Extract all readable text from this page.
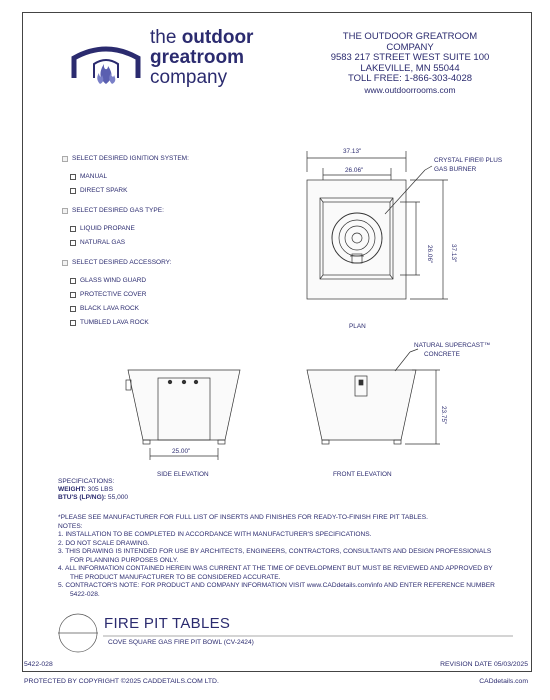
the outdoor
greatroom
company
THE OUTDOOR GREATROOM COMPANY
9583 217 STREET WEST SUITE 100
LAKEVILLE, MN 55044
TOLL FREE: 1-866-303-4028
www.outdoorrooms.com
SELECT DESIRED IGNITION SYSTEM:
MANUAL
DIRECT SPARK
SELECT DESIRED GAS TYPE:
LIQUID PROPANE
NATURAL GAS
SELECT DESIRED ACCESSORY:
GLASS WIND GUARD
PROTECTIVE COVER
BLACK LAVA ROCK
TUMBLED LAVA ROCK
37.13"
26.06"
26.06"	37.13"
CRYSTAL FIRE® PLUS
GAS BURNER
PLAN
25.00"
SIDE ELEVATION
NATURAL SUPERCAST™
CONCRETE
23.75"
FRONT ELEVATION
SPECIFICATIONS:
WEIGHT: 305 LBS
BTU'S (LP/NG): 55,000
*PLEASE SEE MANUFACTURER FOR FULL LIST OF INSERTS AND FINISHES FOR READY-TO-FINISH FIRE PIT TABLES.
NOTES:
1. INSTALLATION TO BE COMPLETED IN ACCORDANCE WITH MANUFACTURER'S SPECIFICATIONS.
2. DO NOT SCALE DRAWING.
3. THIS DRAWING IS INTENDED FOR USE BY ARCHITECTS, ENGINEERS, CONTRACTORS, CONSULTANTS AND DESIGN PROFESSIONALS FOR PLANNING PURPOSES ONLY.
4. ALL INFORMATION CONTAINED HEREIN WAS CURRENT AT THE TIME OF DEVELOPMENT BUT MUST BE REVIEWED AND APPROVED BY THE PRODUCT MANUFACTURER TO BE CONSIDERED ACCURATE.
5. CONTRACTOR'S NOTE: FOR PRODUCT AND COMPANY INFORMATION VISIT www.CADdetails.com/info AND ENTER REFERENCE NUMBER 5422-028.
FIRE PIT TABLES
COVE SQUARE GAS FIRE PIT BOWL (CV-2424)
5422-028	REVISION DATE 05/03/2025
PROTECTED BY COPYRIGHT ©2025 CADDETAILS.COM LTD.	CADdetails.com
